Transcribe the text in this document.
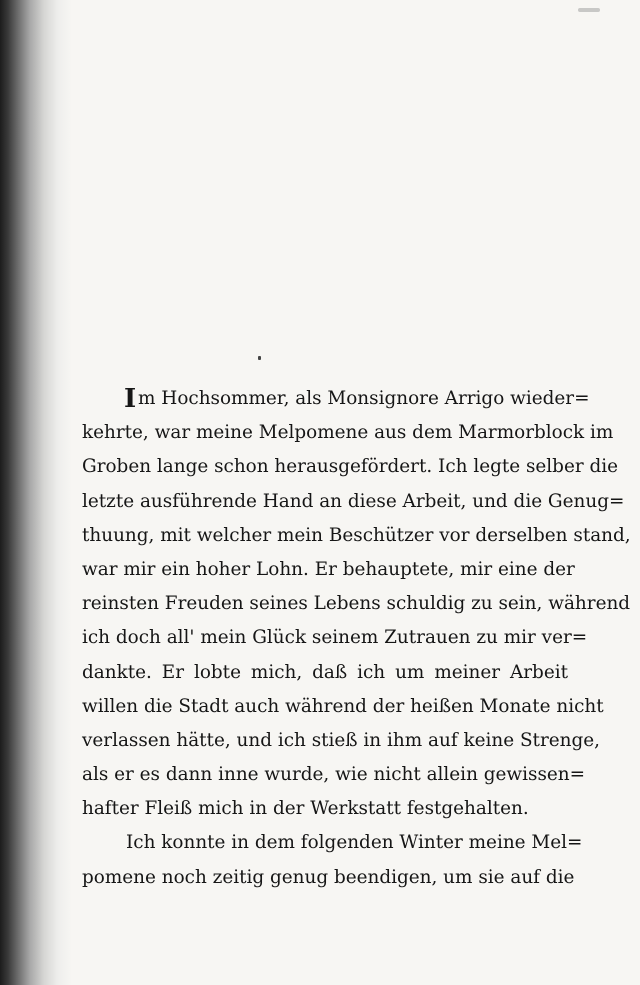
I m Hochsommer, als Monsignore Arrigo wieder=
kehrte, war meine Melpomene aus dem Marmorblock im
Groben lange schon herausgefördert. Ich legte selber die
letzte ausführende Hand an diese Arbeit, und die Genug=
thuung, mit welcher mein Beschützer vor derselben stand,
war mir ein hoher Lohn. Er behauptete, mir eine der
reinsten Freuden seines Lebens schuldig zu sein, während
ich doch all' mein Glück seinem Zutrauen zu mir ver=
dankte. Er lobte mich, daß ich um meiner Arbeit
willen die Stadt auch während der heißen Monate nicht
verlassen hätte, und ich stieß in ihm auf keine Strenge,
als er es dann inne wurde, wie nicht allein gewissen=
hafter Fleiß mich in der Werkstatt festgehalten.
Ich konnte in dem folgenden Winter meine Mel=
pomene noch zeitig genug beendigen, um sie auf die
